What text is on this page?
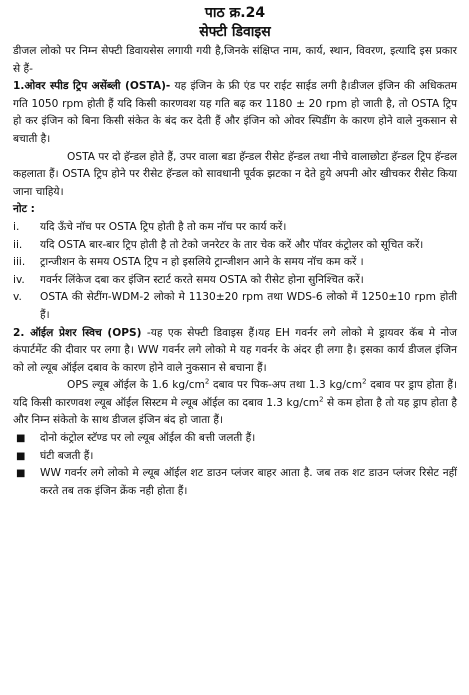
पाठ क्र.24
सेफ्टी डिवाइस

डीजल लोको पर निम्न सेफ्टी डिवायसेस लगायी गयी है,जिनके संक्षिप्त नाम, कार्य, स्थान, विवरण, इत्यादि इस प्रकार से हैं-

1.ओवर स्पीड ट्रिप असेंब्ली (OSTA)- यह इंजिन के फ्री एंड पर राईट साईड लगी है।डीजल इंजिन की अधिकतम गति 1050 rpm होती हैं यदि किसी कारणवश यह गति बढ़ कर 1180 ± 20 rpm हो जाती है, तो OSTA ट्रिप हो कर इंजिन को बिना किसी संकेत के बंद कर देती हैं और इंजिन को ओवर स्पिडींग के कारण होने वाले नुकसान से बचाती है।

OSTA पर दो हॅन्डल होते हैं, उपर वाला बडा हॅन्डल रीसेट हॅन्डल तथा नीचे वालाछोटा हॅन्डल ट्रिप हॅन्डल कहलाता हैं। OSTA ट्रिप होने पर रीसेट हॅन्डल को सावधानी पूर्वक झटका न देते हुये अपनी ओर खीचकर रीसेट किया जाना चाहिये।

नोट :

i.	यदि ऊँचे नॉच पर OSTA ट्रिप होती है तो कम नॉच पर कार्य करें।
ii.	यदि OSTA बार-बार ट्रिप होती है तो टेको जनरेटर के तार चेक करें और पॉवर कंट्रोलर को सूचित करें।
iii.	ट्रान्जीशन के समय OSTA ट्रिप न हो इसलिये ट्रान्जीशन आने के समय नॉच कम करें ।
iv.	गवर्नर लिंकेज दबा कर इंजिन स्टार्ट करते समय OSTA को रीसेट होना सुनिश्चित करें।
v.	OSTA की सेटींग-WDM-2 लोको मे 1130±20 rpm तथा WDS-6 लोको में 1250±10 rpm होती हैं।

2. ऑईल प्रेशर स्विच (OPS) -यह एक सेफ्टी डिवाइस हैं।यह EH गवर्नर लगे लोको मे ड्रायवर कॅब मे नोज कंपार्टमेंट की दीवार पर लगा है। WW गवर्नर लगे लोको मे यह गवर्नर के अंदर ही लगा है। इसका कार्य डीजल इंजिन को लो ल्यूब ऑईल दबाव के कारण होने वाले नुकसान से बचाना हैं।

OPS ल्यूब ऑईल के 1.6 $kg/cm^2$ दबाव पर पिक-अप तथा 1.3 $kg/cm^2$ दबाव पर ड्राप होता हैं। यदि किसी कारणवश ल्यूब ऑईल सिस्टम मे ल्यूब ऑईल का दबाव 1.3 $kg/cm^2$ से कम होता है तो यह ड्राप होता है और निम्न संकेतो के साथ डीजल इंजिन बंद हो जाता हैं।

■	दोनो कंट्रोल स्टॅण्ड पर लो ल्यूब ऑईल की बत्ती जलती हैं।
■	घंटी बजती हैं।
■	WW गवर्नर लगे लोको मे ल्यूब ऑईल शट डाउन प्लंजर बाहर आता है. जब तक शट डाउन प्लंजर रिसेट नहीं करते तब तक इंजिन क्रेंक नही होता हैं।
